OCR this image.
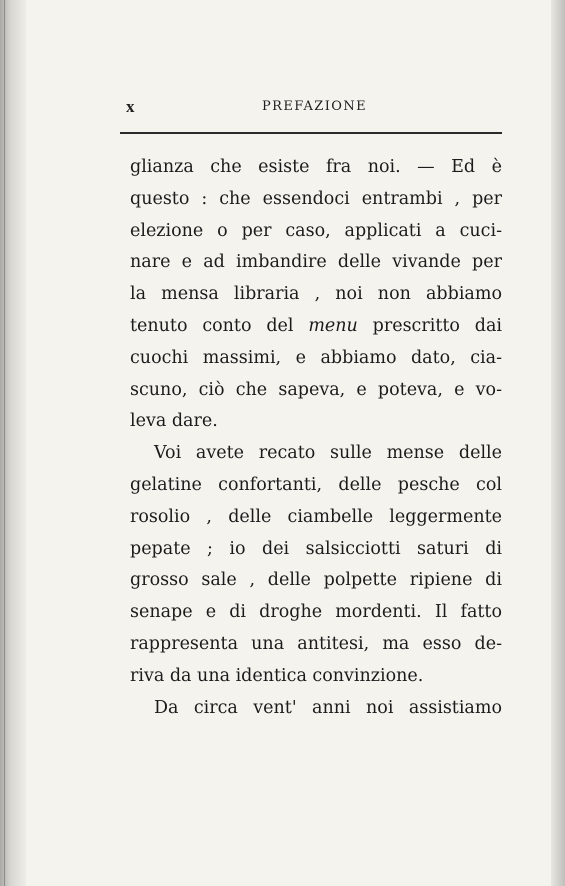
x	PREFAZIONE
glianza che esiste fra noi. — Ed è
questo : che essendoci entrambi , per
elezione o per caso, applicati a cuci-
nare e ad imbandire delle vivande per
la mensa libraria , noi non abbiamo
tenuto conto del menu prescritto dai
cuochi massimi, e abbiamo dato, cia-
scuno, ciò che sapeva, e poteva, e vo-
leva dare.
Voi avete recato sulle mense delle
gelatine confortanti, delle pesche col
rosolio , delle ciambelle leggermente
pepate ; io dei salsicciotti saturi di
grosso sale , delle polpette ripiene di
senape e di droghe mordenti. Il fatto
rappresenta una antitesi, ma esso de-
riva da una identica convinzione.
Da circa vent' anni noi assistiamo
